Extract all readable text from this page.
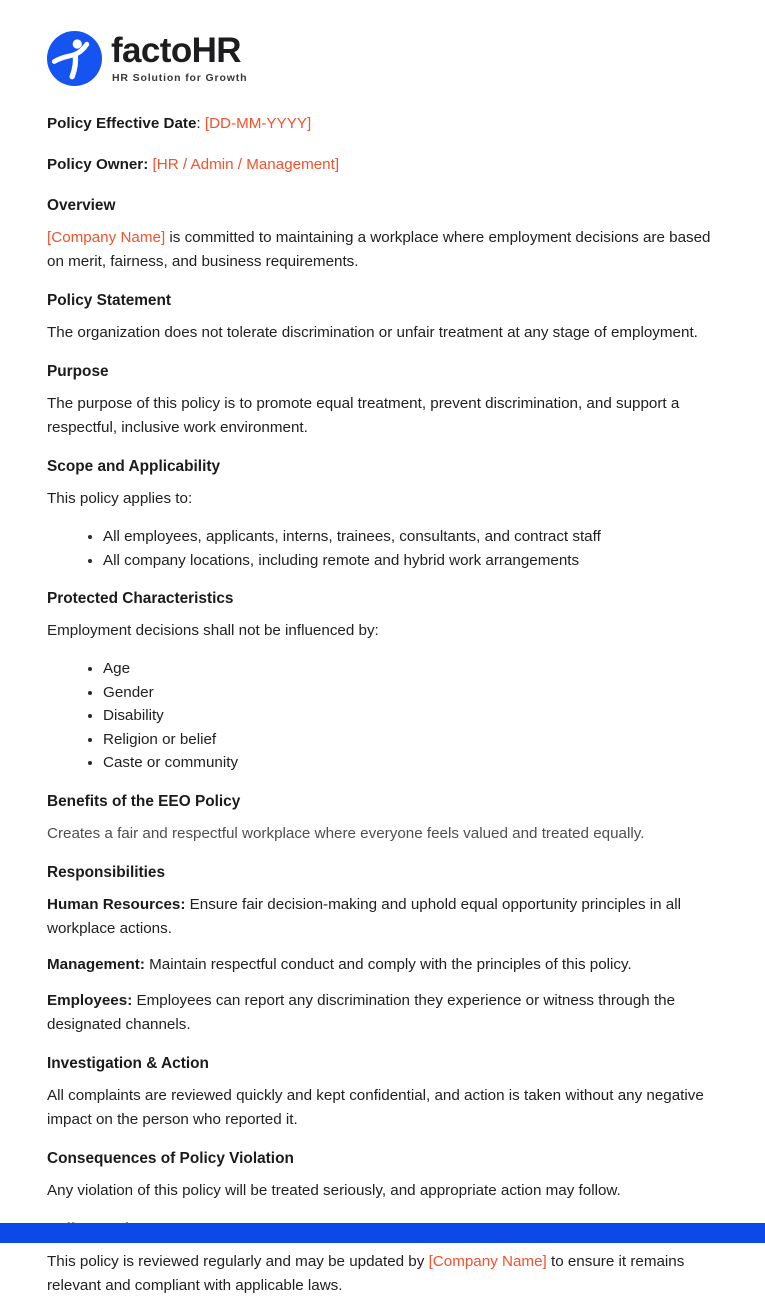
factoHR
HR Solution for Growth

Policy Effective Date: [DD-MM-YYYY]

Policy Owner: [HR / Admin / Management]

Overview

[Company Name] is committed to maintaining a workplace where employment decisions are based on merit, fairness, and business requirements.

Policy Statement

The organization does not tolerate discrimination or unfair treatment at any stage of employment.

Purpose

The purpose of this policy is to promote equal treatment, prevent discrimination, and support a respectful, inclusive work environment.

Scope and Applicability

This policy applies to:

All employees, applicants, interns, trainees, consultants, and contract staff
All company locations, including remote and hybrid work arrangements
Protected Characteristics

Employment decisions shall not be influenced by:

Age
Gender
Disability
Religion or belief
Caste or community
Benefits of the EEO Policy

Creates a fair and respectful workplace where everyone feels valued and treated equally.

Responsibilities

Human Resources: Ensure fair decision-making and uphold equal opportunity principles in all workplace actions.

Management: Maintain respectful conduct and comply with the principles of this policy.

Employees: Employees can report any discrimination they experience or witness through the designated channels.

Investigation & Action

All complaints are reviewed quickly and kept confidential, and action is taken without any negative impact on the person who reported it.

Consequences of Policy Violation

Any violation of this policy will be treated seriously, and appropriate action may follow.

This policy is reviewed regularly and may be updated by [Company Name] to ensure it remains relevant and compliant with applicable laws.
